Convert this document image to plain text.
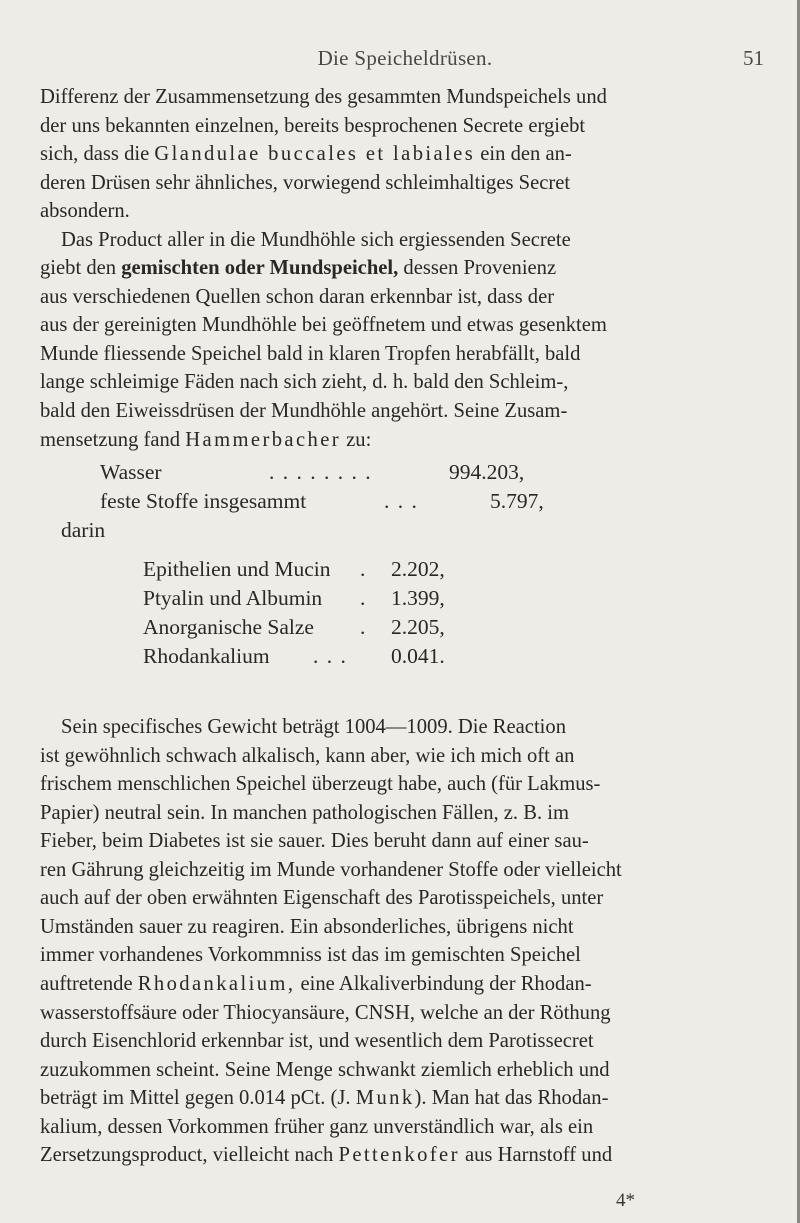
Die Speicheldrüsen.	51

Differenz der Zusammensetzung des gesammten Mundspeichels und
der uns bekannten einzelnen, bereits besprochenen Secrete ergiebt
sich, dass die Glandulae buccales et labiales ein den an-
deren Drüsen sehr ähnliches, vorwiegend schleimhaltiges Secret
absondern.

Das Product aller in die Mundhöhle sich ergiessenden Secrete
giebt den gemischten oder Mundspeichel, dessen Provenienz
aus verschiedenen Quellen schon daran erkennbar ist, dass der
aus der gereinigten Mundhöhle bei geöffnetem und etwas gesenktem
Munde fliessende Speichel bald in klaren Tropfen herabfällt, bald
lange schleimige Fäden nach sich zieht, d. h. bald den Schleim-,
bald den Eiweissdrüsen der Mundhöhle angehört. Seine Zusam-
mensetzung fand Hammerbacher zu:

Wasser	. . . . . . . .	994.203,
feste Stoffe insgesammt	. . .	5.797,
darin
Epithelien und Mucin . 2.202,
Ptyalin und Albumin . 1.399,
Anorganische Salze . 2.205,
Rhodankalium . . . 0.041.

Sein specifisches Gewicht beträgt 1004—1009. Die Reaction
ist gewöhnlich schwach alkalisch, kann aber, wie ich mich oft an
frischem menschlichen Speichel überzeugt habe, auch (für Lakmus-
Papier) neutral sein. In manchen pathologischen Fällen, z. B. im
Fieber, beim Diabetes ist sie sauer. Dies beruht dann auf einer sau-
ren Gährung gleichzeitig im Munde vorhandener Stoffe oder vielleicht
auch auf der oben erwähnten Eigenschaft des Parotisspeichels, unter
Umständen sauer zu reagiren. Ein absonderliches, übrigens nicht
immer vorhandenes Vorkommniss ist das im gemischten Speichel
auftretende Rhodankalium, eine Alkaliverbindung der Rhodan-
wasserstoffsäure oder Thiocyansäure, CNSH, welche an der Röthung
durch Eisenchlorid erkennbar ist, und wesentlich dem Parotissecret
zuzukommen scheint. Seine Menge schwankt ziemlich erheblich und
beträgt im Mittel gegen 0.014 pCt. (J. Munk). Man hat das Rhodan-
kalium, dessen Vorkommen früher ganz unverständlich war, als ein
Zersetzungsproduct, vielleicht nach Pettenkofer aus Harnstoff und

4*
